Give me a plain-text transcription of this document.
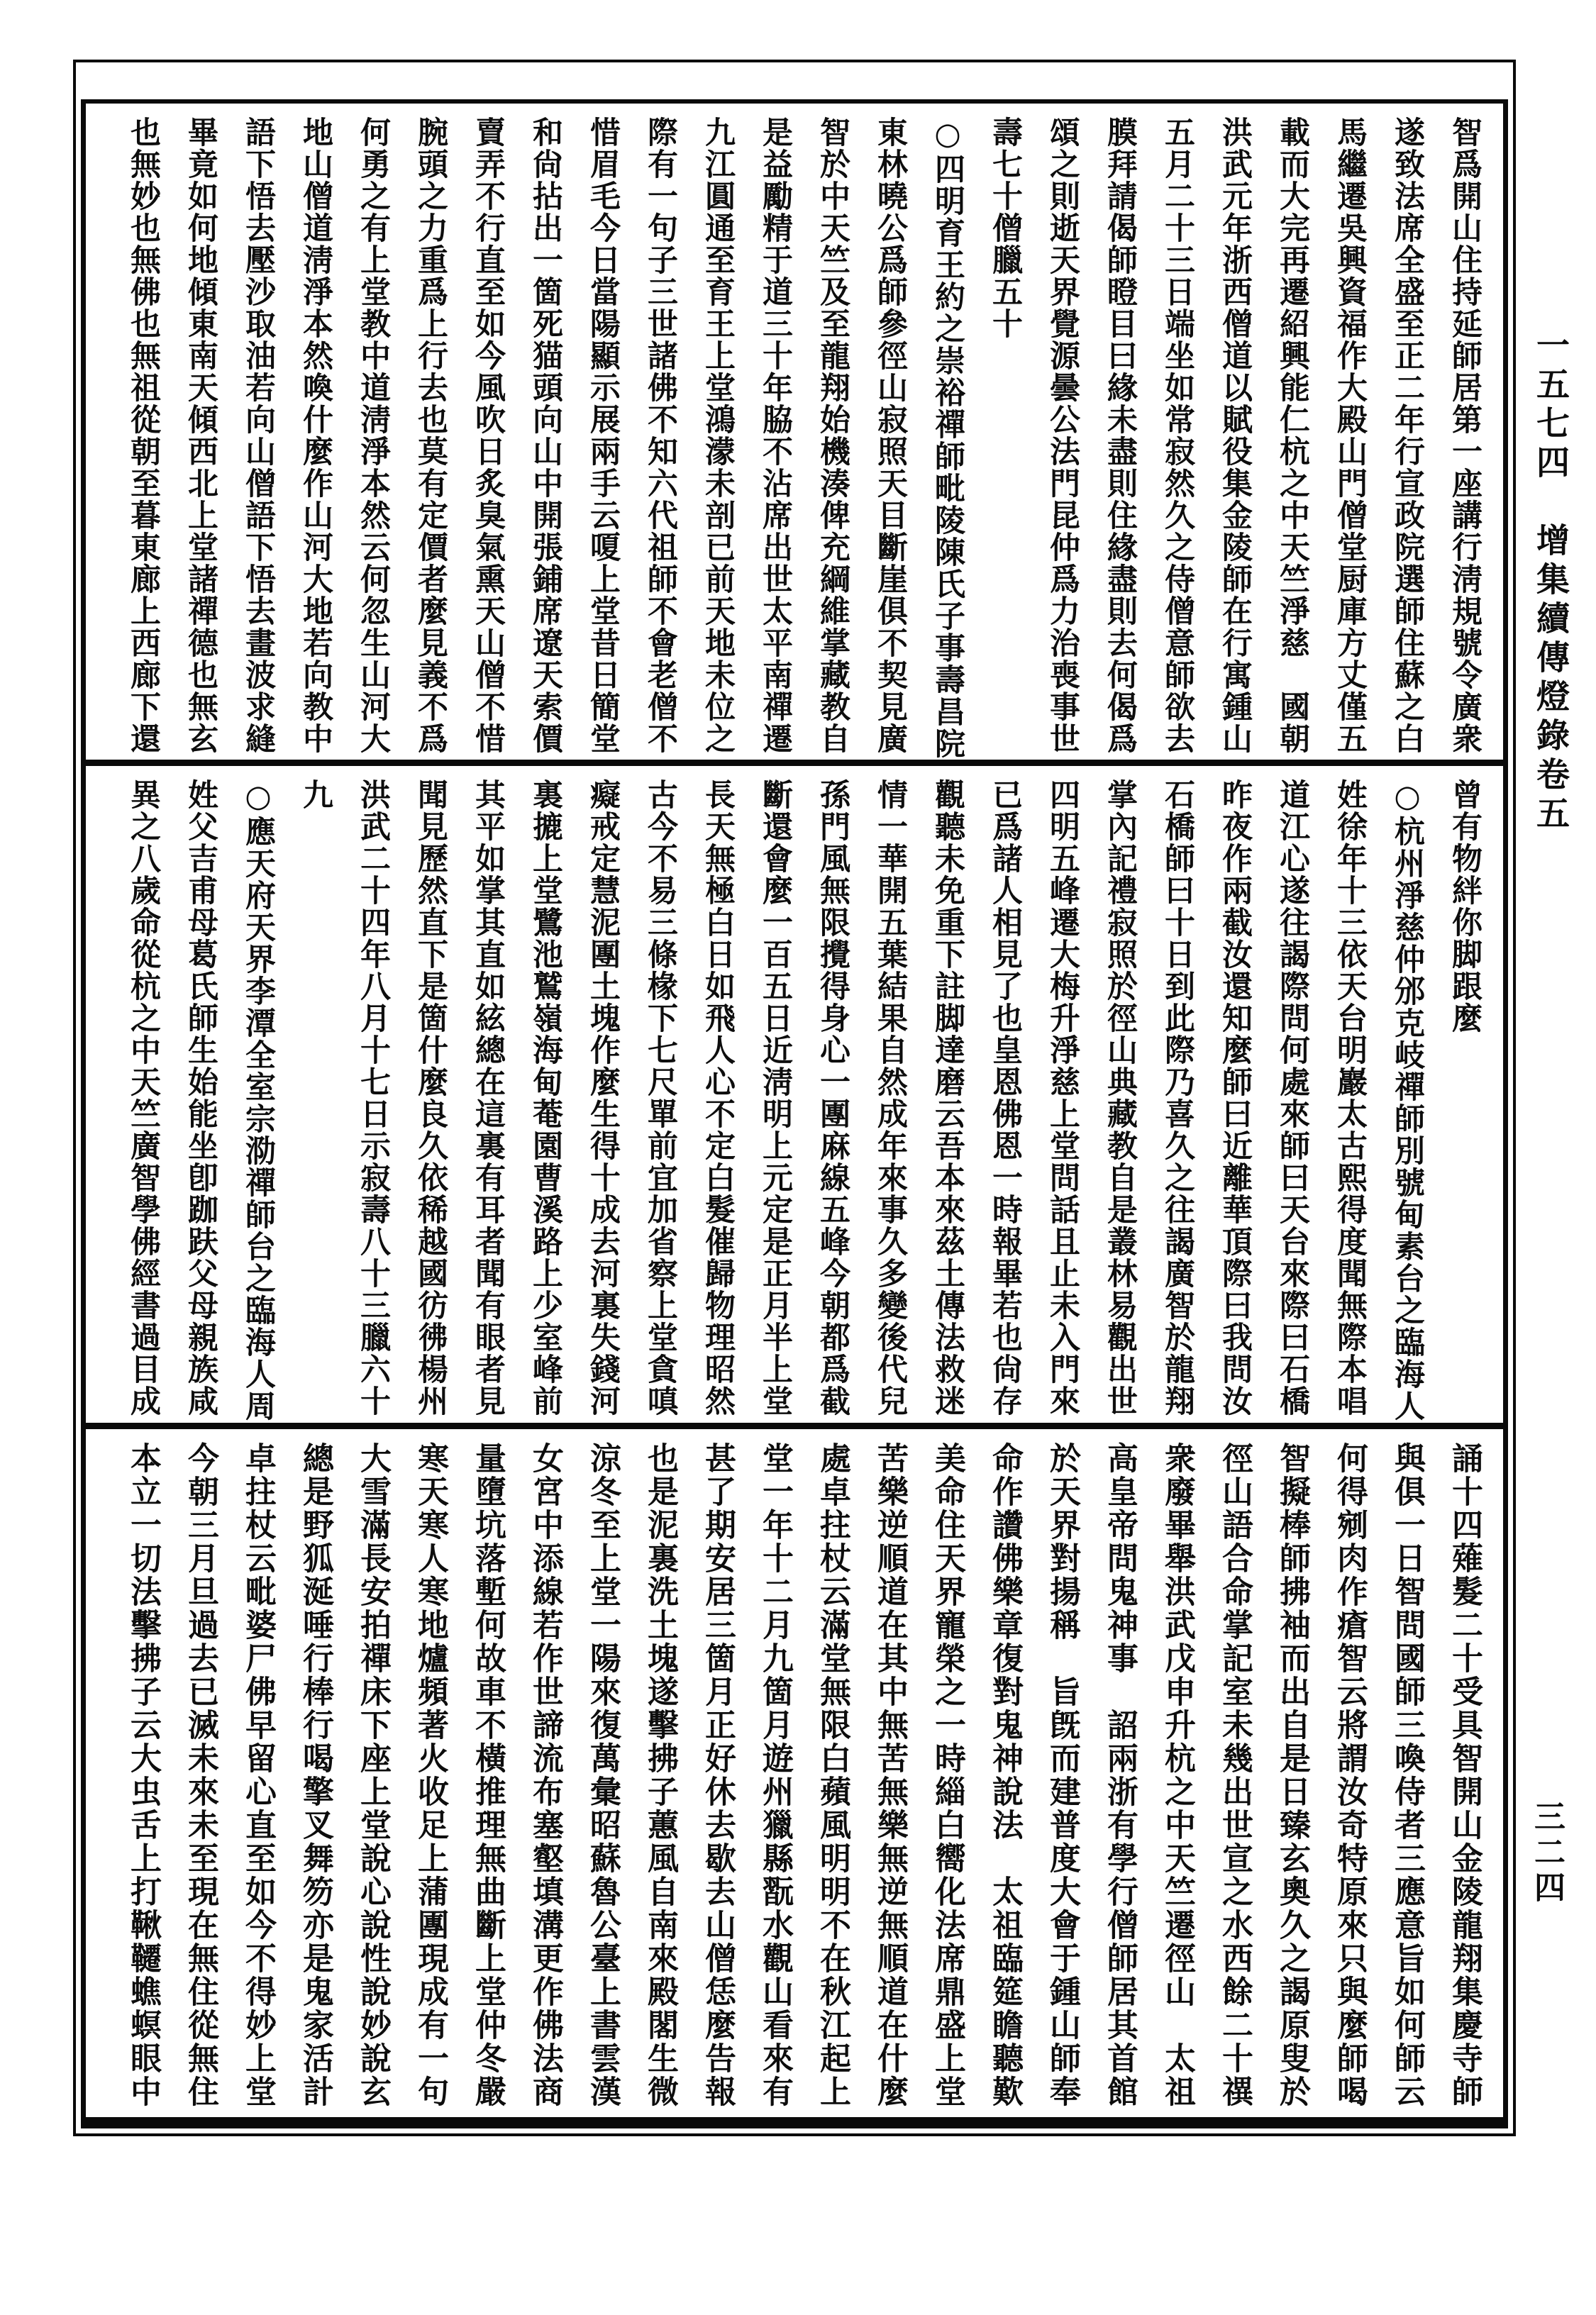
一五七四　增集續傳燈錄卷五
三二四
智爲開山住持延師居第一座講行淸規號令廣衆
遂致法席全盛至正二年行宣政院選師住蘇之白
馬繼遷吳興資福作大殿山門僧堂厨庫方丈僅五
載而大完再遷紹興能仁杭之中天竺淨慈　國朝
洪武元年浙西僧道以賦役集金陵師在行寓鍾山
五月二十三日端坐如常寂然久之侍僧意師欲去
膜拜請偈師瞪目曰緣未盡則住緣盡則去何偈爲
頌之則逝天界覺源曇公法門昆仲爲力治喪事世
壽七十僧臘五十
○四明育王約之崇裕禪師毗陵陳氏子事壽昌院
東林曉公爲師參徑山寂照天目斷崖俱不契見廣
智於中天竺及至龍翔始機湊俾充綱維掌藏教自
是益勵精于道三十年脇不沾席出世太平南禪遷
九江圓通至育王上堂鴻濛未剖已前天地未位之
際有一句子三世諸佛不知六代祖師不會老僧不
惜眉毛今日當陽顯示展兩手云嗄上堂昔日簡堂
和尙拈出一箇死猫頭向山中開張鋪席遼天索價
賣弄不行直至如今風吹日炙臭氣熏天山僧不惜
腕頭之力重爲上行去也莫有定價者麼見義不爲
何勇之有上堂教中道淸淨本然云何忽生山河大
地山僧道淸淨本然喚什麼作山河大地若向教中
語下悟去壓沙取油若向山僧語下悟去畫波求縫
畢竟如何地傾東南天傾西北上堂諸禪德也無玄
也無妙也無佛也無祖從朝至暮東廊上西廊下還
曾有物絆你脚跟麼
○杭州淨慈仲邠克岐禪師別號甸素台之臨海人
姓徐年十三依天台明巖太古熙得度聞無際本唱
道江心遂往謁際問何處來師曰天台來際曰石橋
昨夜作兩截汝還知麼師曰近離華頂際曰我問汝
石橋師曰十日到此際乃喜久之往謁廣智於龍翔
掌內記禮寂照於徑山典藏教自是叢林易觀出世
四明五峰遷大梅升淨慈上堂問話且止未入門來
已爲諸人相見了也皇恩佛恩一時報畢若也尙存
觀聽未免重下註脚達磨云吾本來茲土傳法救迷
情一華開五葉結果自然成年來事久多變後代兒
孫門風無限攪得身心一團麻線五峰今朝都爲截
斷還會麼一百五日近淸明上元定是正月半上堂
長天無極白日如飛人心不定白髮催歸物理昭然
古今不易三條椽下七尺單前宜加省察上堂貪嗔
癡戒定慧泥團土塊作麼生得十成去河裏失錢河
裏摝上堂鷺池鷲嶺海甸菴園曹溪路上少室峰前
其平如掌其直如絃總在這裏有耳者聞有眼者見
聞見歷然直下是箇什麼良久依稀越國彷彿楊州
洪武二十四年八月十七日示寂壽八十三臘六十
九
○應天府天界李潭全室宗泐禪師台之臨海人周
姓父吉甫母葛氏師生始能坐卽跏趺父母親族咸
異之八歲命從杭之中天竺廣智學佛經書過目成
誦十四薙髮二十受具智開山金陵龍翔集慶寺師
與俱一日智問國師三喚侍者三應意旨如何師云
何得剜肉作瘡智云將謂汝奇特原來只與麼師喝
智擬棒師拂袖而出自是日臻玄奧久之謁原叟於
徑山語合命掌記室未幾出世宣之水西餘二十禩
衆廢畢舉洪武戊申升杭之中天竺遷徑山　太祖
高皇帝問鬼神事　詔兩浙有學行僧師居其首館
於天界對揚稱　旨旣而建普度大會于鍾山師奉
命作讚佛樂章復對鬼神說法　太祖臨筵瞻聽歎
美命住天界寵榮之一時緇白嚮化法席鼎盛上堂
苦樂逆順道在其中無苦無樂無逆無順道在什麼
處卓拄杖云滿堂無限白蘋風明明不在秋江起上
堂一年十二月九箇月遊州獵縣翫水觀山看來有
甚了期安居三箇月正好休去歇去山僧恁麼告報
也是泥裏洗土塊遂擊拂子蕙風自南來殿閣生微
涼冬至上堂一陽來復萬彙昭蘇魯公臺上書雲漢
女宮中添線若作世諦流布塞壑填溝更作佛法商
量墮坑落塹何故車不橫推理無曲斷上堂仲冬嚴
寒天寒人寒地爐頻著火收足上蒲團現成有一句
大雪滿長安拍禪床下座上堂說心說性說妙說玄
總是野狐涎唾行棒行喝擎叉舞笏亦是鬼家活計
卓拄杖云毗婆尸佛早留心直至如今不得妙上堂
今朝三月旦過去已滅未來未至現在無住從無住
本立一切法擊拂子云大虫舌上打鞦韆蟭螟眼中
